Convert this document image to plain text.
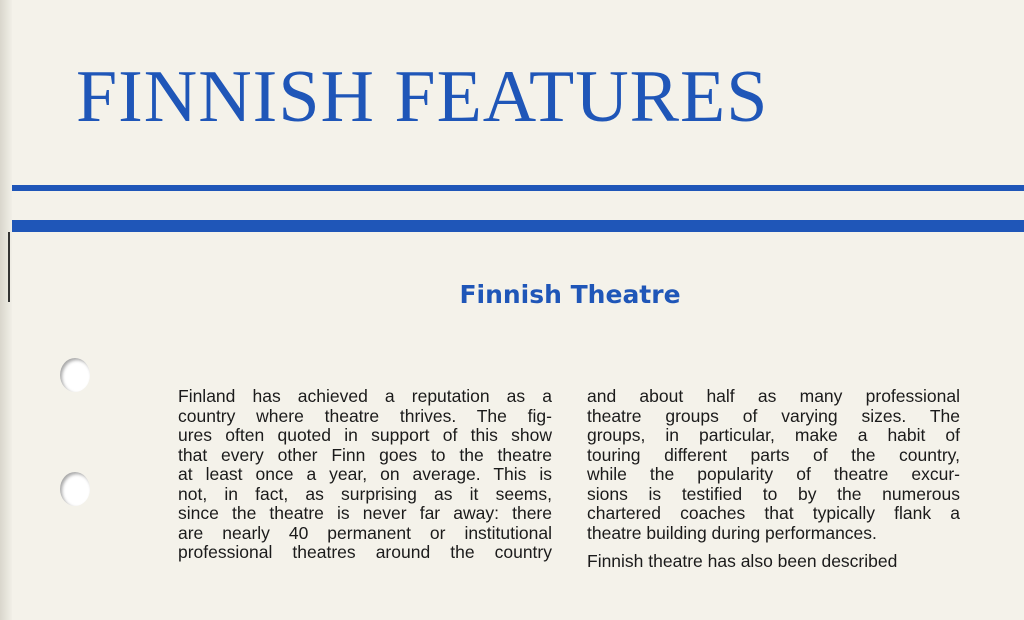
FINNISH FEATURES
Finnish Theatre
Finland has achieved a reputation as a
country where theatre thrives. The fig-
ures often quoted in support of this show
that every other Finn goes to the theatre
at least once a year, on average. This is
not, in fact, as surprising as it seems,
since the theatre is never far away: there
are nearly 40 permanent or institutional
professional theatres around the country
and about half as many professional
theatre groups of varying sizes. The
groups, in particular, make a habit of
touring different parts of the country,
while the popularity of theatre excur-
sions is testified to by the numerous
chartered coaches that typically flank a
theatre building during performances.
Finnish theatre has also been described
